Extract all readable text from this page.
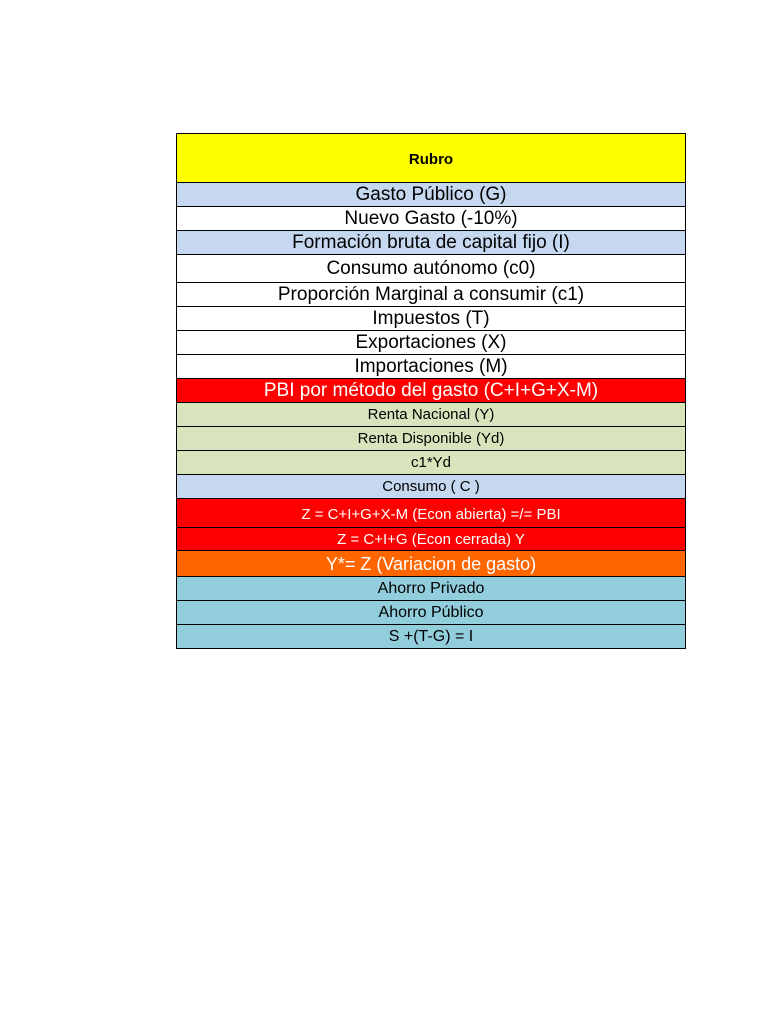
Rubro
Gasto Público (G)
Nuevo Gasto (-10%)
Formación bruta de capital fijo (I)
Consumo autónomo (c0)
Proporción Marginal a consumir (c1)
Impuestos (T)
Exportaciones (X)
Importaciones (M)
PBI por método del gasto (C+I+G+X-M)
Renta Nacional (Y)
Renta Disponible (Yd)
c1*Yd
Consumo ( C )
Z = C+I+G+X-M (Econ abierta) =/= PBI
Z = C+I+G (Econ cerrada) Y
Y*= Z (Variacion de gasto)
Ahorro Privado
Ahorro Público
S +(T-G) = I
